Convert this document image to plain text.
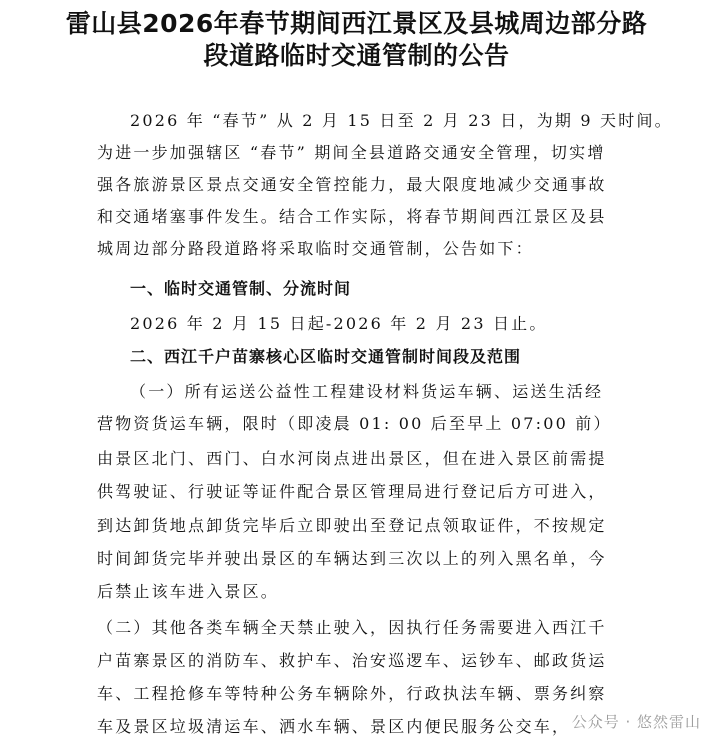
雷山县2026年春节期间西江景区及县城周边部分路
段道路临时交通管制的公告
2026 年 “春节” 从 2 月 15 日至 2 月 23 日，为期 9 天时间。
为进一步加强辖区 “春节” 期间全县道路交通安全管理，切实增
强各旅游景区景点交通安全管控能力，最大限度地减少交通事故
和交通堵塞事件发生。结合工作实际，将春节期间西江景区及县
城周边部分路段道路将采取临时交通管制，公告如下：
一、临时交通管制、分流时间
2026 年 2 月 15 日起-2026 年 2 月 23 日止。
二、西江千户苗寨核心区临时交通管制时间段及范围
（一）所有运送公益性工程建设材料货运车辆、运送生活经
营物资货运车辆，限时（即凌晨 01: 00 后至早上 07:00 前）
由景区北门、西门、白水河岗点进出景区，但在进入景区前需提
供驾驶证、行驶证等证件配合景区管理局进行登记后方可进入，
到达卸货地点卸货完毕后立即驶出至登记点领取证件，不按规定
时间卸货完毕并驶出景区的车辆达到三次以上的列入黑名单，今
后禁止该车进入景区。
（二）其他各类车辆全天禁止驶入，因执行任务需要进入西江千
户苗寨景区的消防车、救护车、治安巡逻车、运钞车、邮政货运
车、工程抢修车等特种公务车辆除外，行政执法车辆、票务纠察
车及景区垃圾清运车、洒水车辆、景区内便民服务公交车， 公众号 · 悠然雷山
